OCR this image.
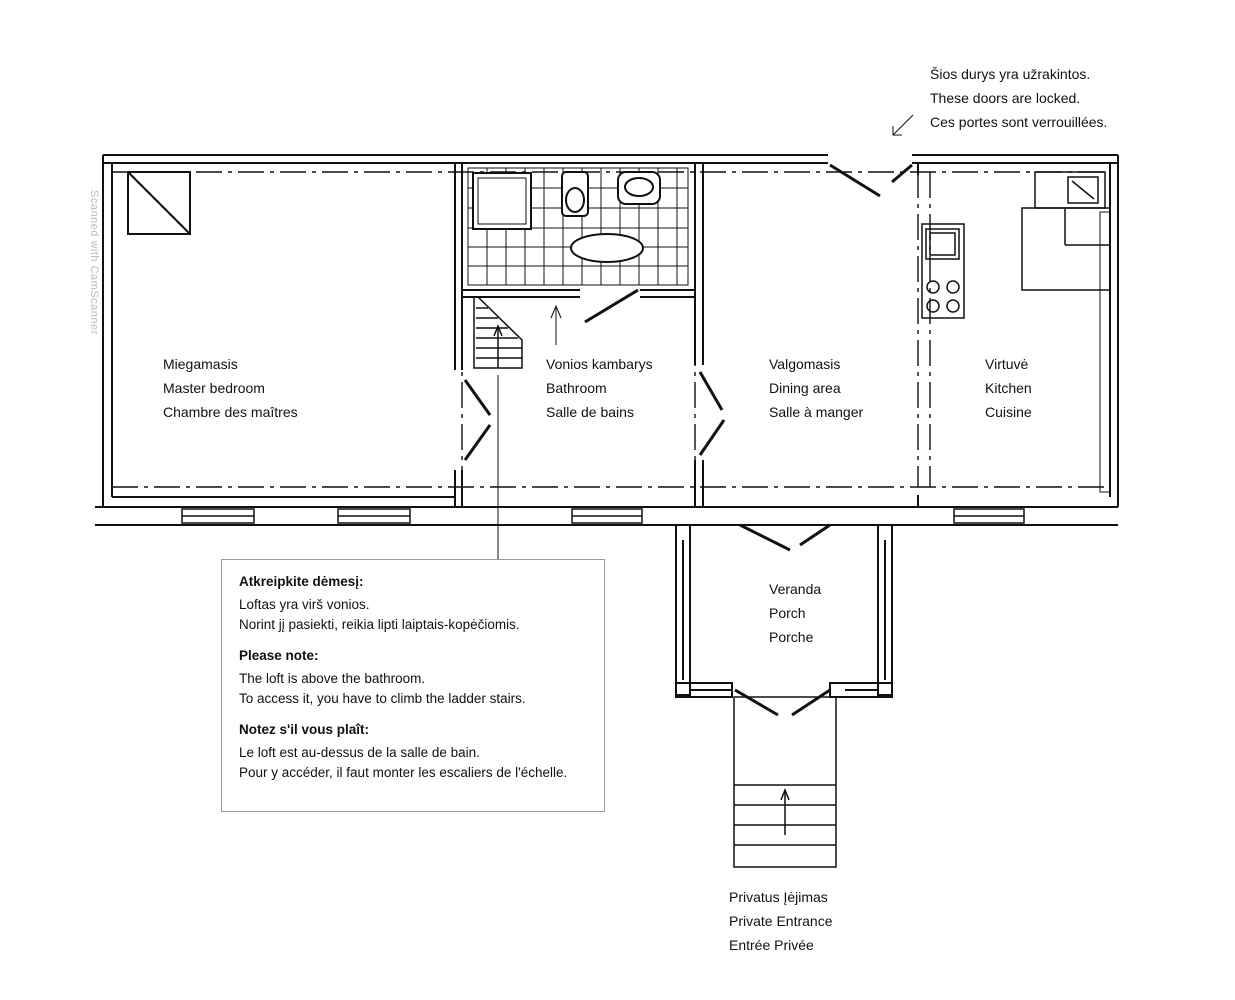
Scanned with CamScanner
Šios durys yra užrakintos.
These doors are locked.
Ces portes sont verrouillées.
Miegamasis
Master bedroom
Chambre des maîtres
Vonios kambarys
Bathroom
Salle de bains
Valgomasis
Dining area
Salle à manger
Virtuvė
Kitchen
Cuisine
Veranda
Porch
Porche
Privatus Įėjimas
Private Entrance
Entrée Privée
Atkreipkite dėmesį:
Loftas yra virš vonios.
Norint jį pasiekti, reikia lipti laiptais-kopėčiomis.
Please note:
The loft is above the bathroom.
To access it, you have to climb the ladder stairs.
Notez s'il vous plaît:
Le loft est au-dessus de la salle de bain.
Pour y accéder, il faut monter les escaliers de l'échelle.
